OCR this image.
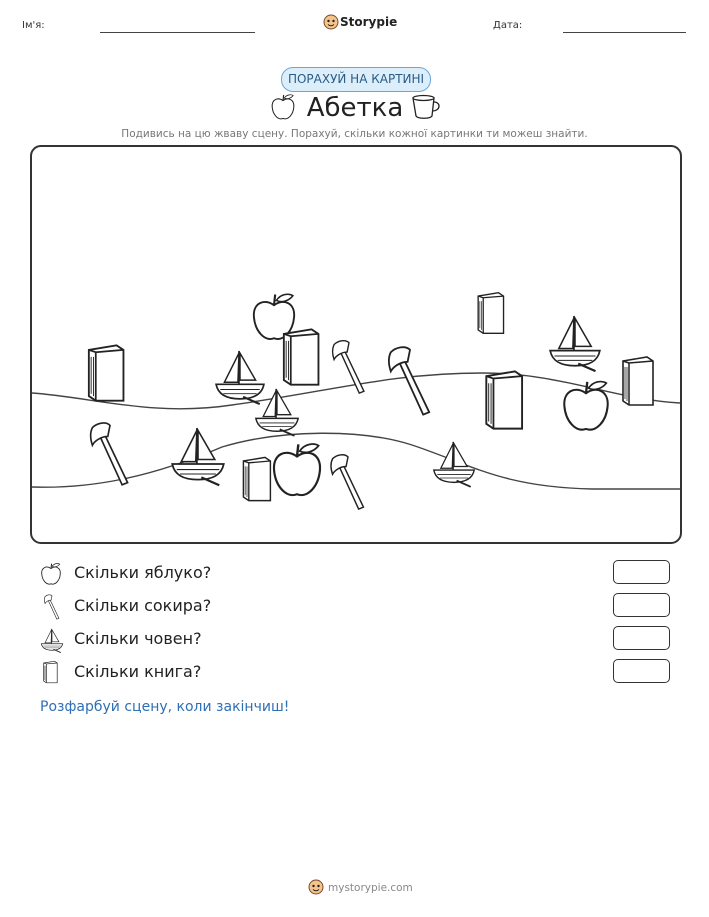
Ім'я:	Storypie	Дата:
ПОРАХУЙ НА КАРТИНІ
Абетка
Подивись на цю жваву сцену. Порахуй, скільки кожної картинки ти можеш знайти.
Скільки яблуко?
Скільки сокира?
Скільки човен?
Скільки книга?
Розфарбуй сцену, коли закінчиш!
mystorypie.com
